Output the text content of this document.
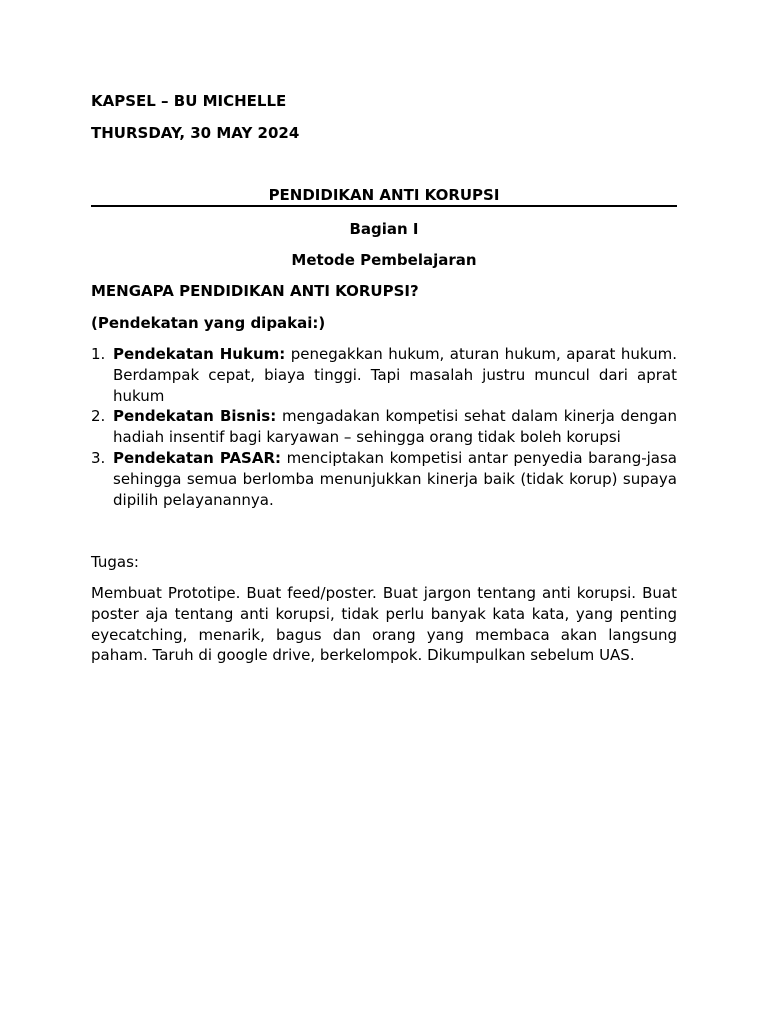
KAPSEL – BU MICHELLE
THURSDAY, 30 MAY 2024
PENDIDIKAN ANTI KORUPSI
Bagian I
Metode Pembelajaran
MENGAPA PENDIDIKAN ANTI KORUPSI?
(Pendekatan yang dipakai:)
1. Pendekatan Hukum: penegakkan hukum, aturan hukum, aparat hukum. Berdampak cepat, biaya tinggi. Tapi masalah justru muncul dari aprat hukum
2. Pendekatan Bisnis: mengadakan kompetisi sehat dalam kinerja dengan hadiah insentif bagi karyawan – sehingga orang tidak boleh korupsi
3. Pendekatan PASAR: menciptakan kompetisi antar penyedia barang-jasa sehingga semua berlomba menunjukkan kinerja baik (tidak korup) supaya dipilih pelayanannya.
Tugas:

Membuat Prototipe. Buat feed/poster. Buat jargon tentang anti korupsi. Buat poster aja tentang anti korupsi, tidak perlu banyak kata kata, yang penting eyecatching, menarik, bagus dan orang yang membaca akan langsung paham. Taruh di google drive, berkelompok. Dikumpulkan sebelum UAS.
